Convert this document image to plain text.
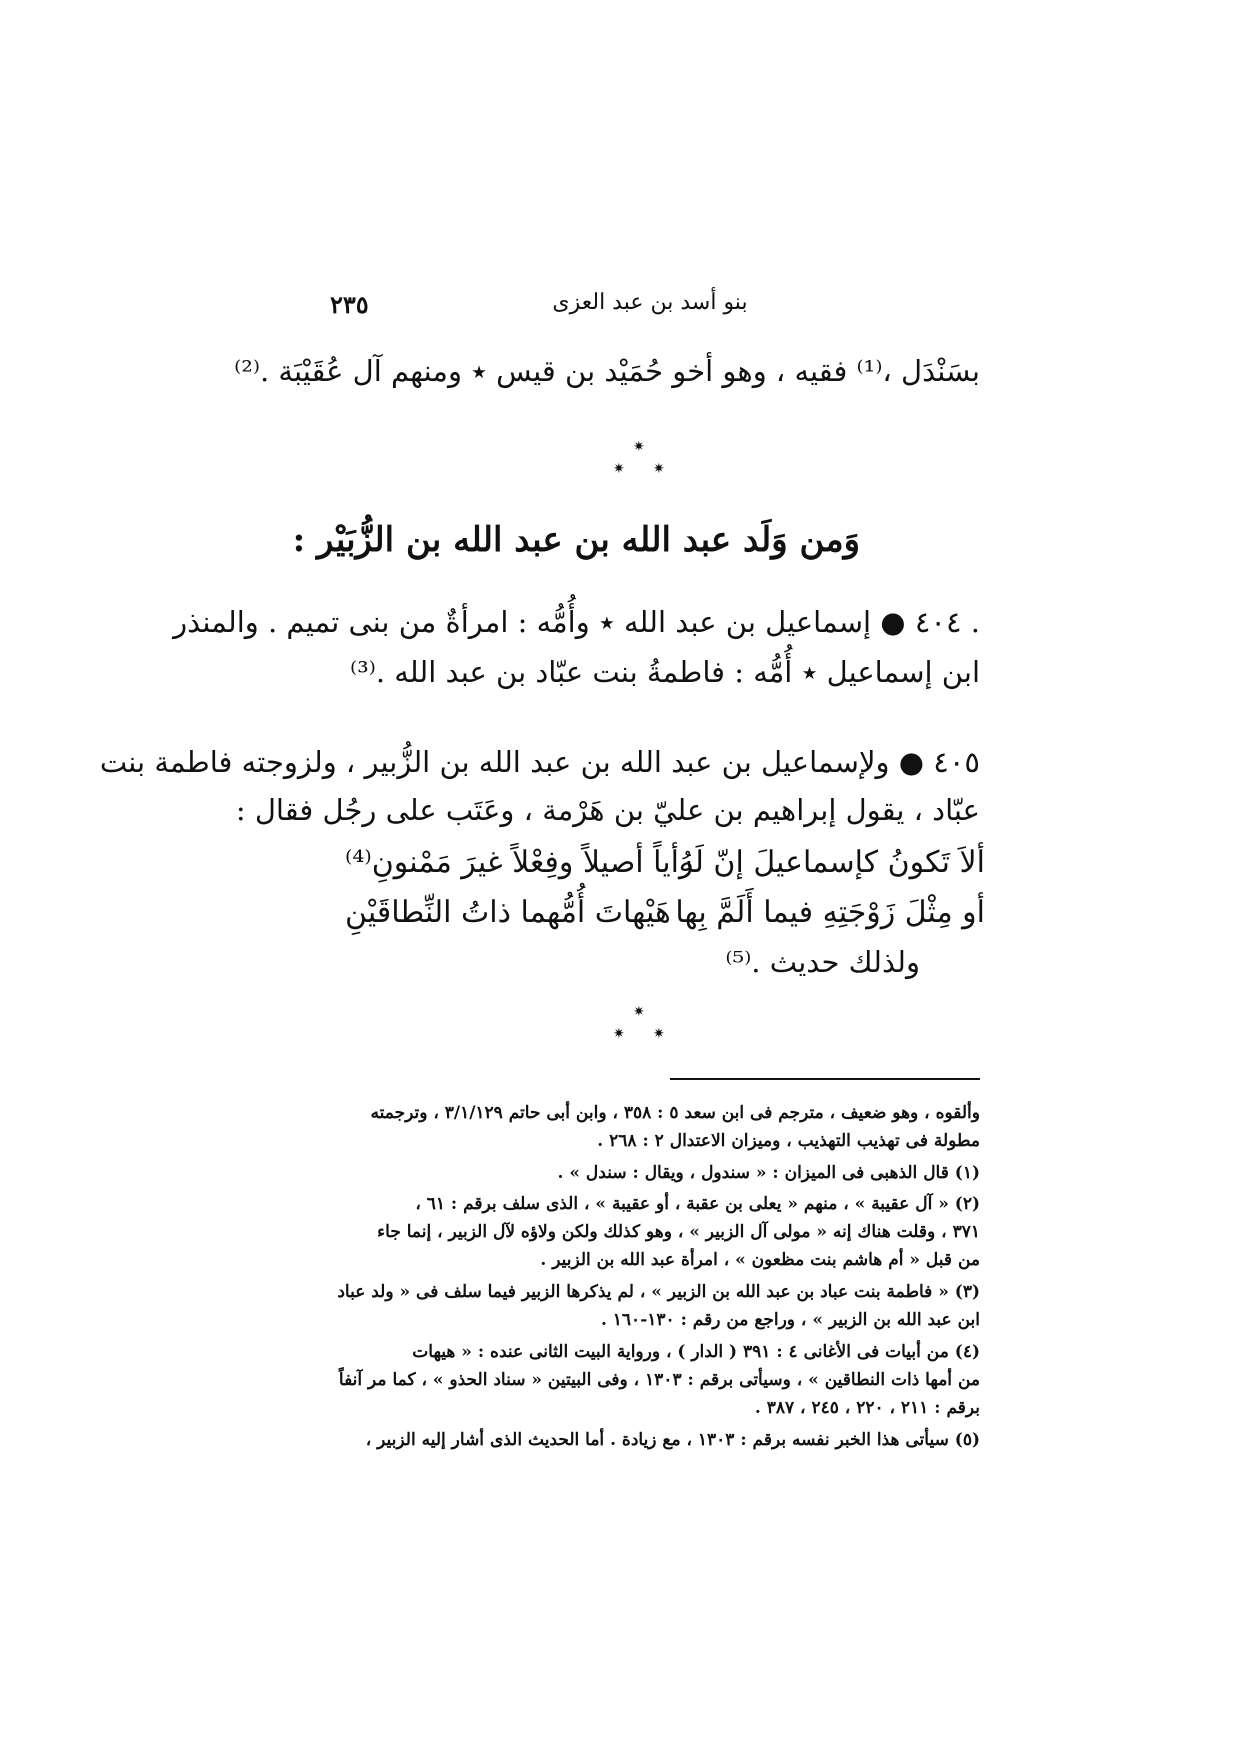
٢٣٥	بنو أسد بن عبد العزى
بسَنْدَل ،⁽¹⁾ فقيه ، وهو أخو حُمَيْد بن قيس ٭ ومنهم آل عُقَيْبَة .⁽²⁾
✷
✷ ✷
وَمن وَلَد عبد الله بن عبد الله بن الزُّبَيْر :
. ٤٠٤ ● إسماعيل بن عبد الله ٭ وأُمُّه : امرأةٌ من بنى تميم . والمنذر
ابن إسماعيل ٭ أُمُّه : فاطمةُ بنت عبّاد بن عبد الله .⁽³⁾
٤٠٥ ● ولإسماعيل بن عبد الله بن عبد الله بن الزُّبير ، ولزوجته فاطمة بنت
عبّاد ، يقول إبراهيم بن عليّ بن هَرْمة ، وعَتَب على رجُل فقال :
ألاَ تَكونُ كإسماعيلَ إنّ لَهُ
رأياً أصيلاً وفِعْلاً غيرَ مَمْنونِ⁽⁴⁾
أو مِثْلَ زَوْجَتِهِ فيما أَلَمَّ بِها
هَيْهاتَ أُمُّهما ذاتُ النِّطاقَيْنِ
ولذلك حديث .⁽⁵⁾
✷
✷ ✷
وألقوه ، وهو ضعيف ، مترجم فى ابن سعد ٥ : ٣٥٨ ، وابن أبى حاتم ٣/١/١٢٩ ، وترجمته
مطولة فى تهذيب التهذيب ، وميزان الاعتدال ٢ : ٢٦٨ .
(١) قال الذهبى فى الميزان : « سندول ، ويقال : سندل » .
(٢) « آل عقيبة » ، منهم « يعلى بن عقبة ، أو عقيبة » ، الذى سلف برقم : ٦١ ،
٣٧١ ، وقلت هناك إنه « مولى آل الزبير » ، وهو كذلك ولكن ولاؤه لآل الزبير ، إنما جاء
من قبل « أم هاشم بنت مظعون » ، امرأة عبد الله بن الزبير .
(٣) « فاطمة بنت عباد بن عبد الله بن الزبير » ، لم يذكرها الزبير فيما سلف فى « ولد عباد
ابن عبد الله بن الزبير » ، وراجع من رقم : ١٣٠-١٦٠ .
(٤) من أبيات فى الأغانى ٤ : ٣٩١ ( الدار ) ، ورواية البيت الثانى عنده : « هيهات
من أمها ذات النطاقين » ، وسيأتى برقم : ١٣٠٣ ، وفى البيتين « سناد الحذو » ، كما مر آنفاً
برقم : ٢١١ ، ٢٢٠ ، ٢٤٥ ، ٣٨٧ .
(٥) سيأتى هذا الخبر نفسه برقم : ١٣٠٣ ، مع زيادة . أما الحديث الذى أشار إليه الزبير ،
